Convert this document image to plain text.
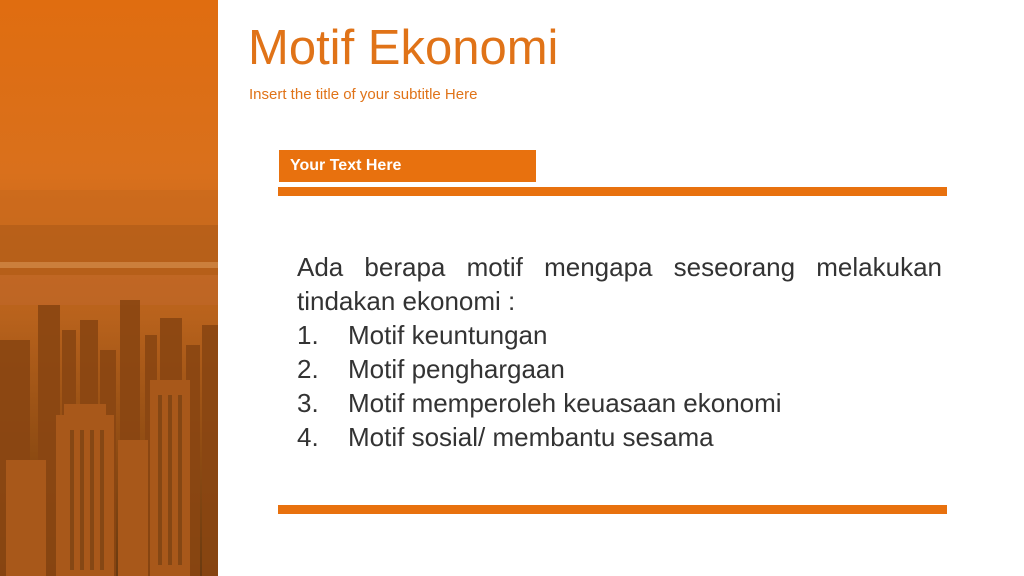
Motif Ekonomi
Insert the title of your subtitle Here
Your Text Here

Ada berapa motif mengapa seseorang melakukan

tindakan ekonomi :

1. Motif keuntungan
2. Motif penghargaan
3. Motif memperoleh keuasaan ekonomi
4. Motif sosial/ membantu sesama
